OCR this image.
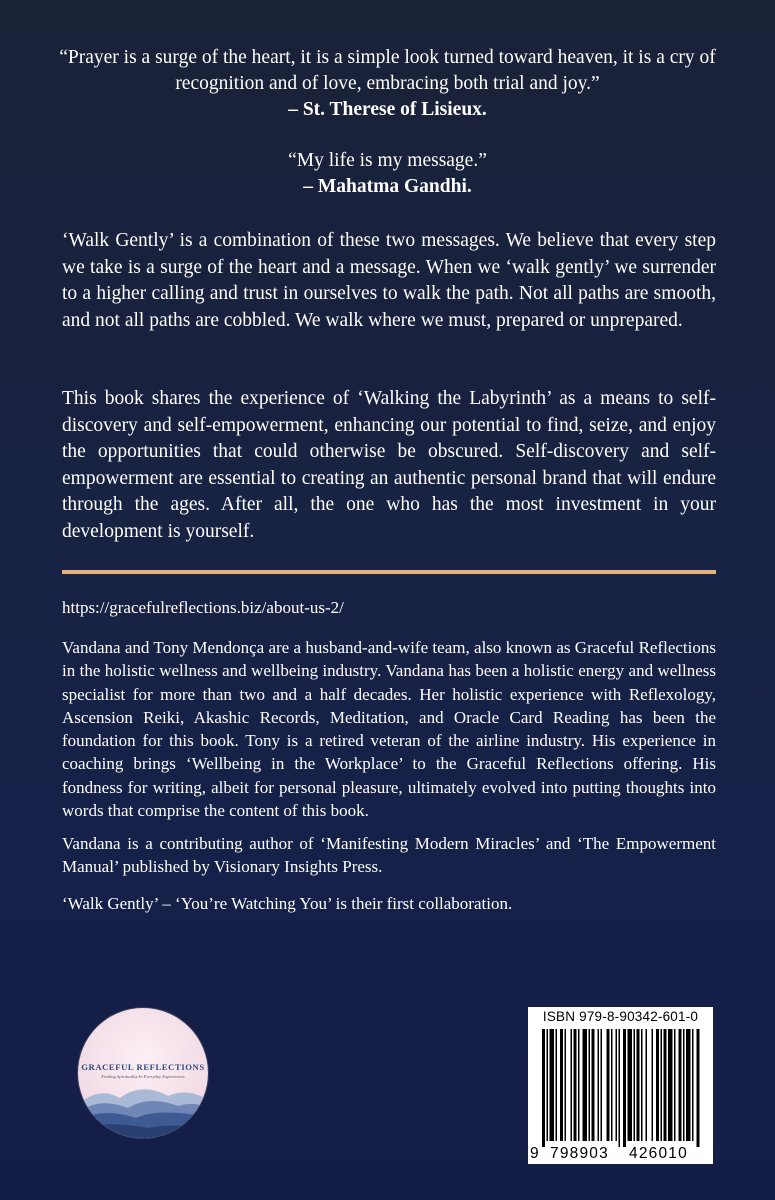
“Prayer is a surge of the heart, it is a simple look turned toward heaven, it is a cry of recognition and of love, embracing both trial and joy.”
– St. Therese of Lisieux.
“My life is my message.”
– Mahatma Gandhi.
‘Walk Gently’ is a combination of these two messages. We believe that every step we take is a surge of the heart and a message. When we ‘walk gently’ we surrender to a higher calling and trust in ourselves to walk the path. Not all paths are smooth, and not all paths are cobbled. We walk where we must, prepared or unprepared.
This book shares the experience of ‘Walking the Labyrinth’ as a means to self-discovery and self-empowerment, enhancing our potential to find, seize, and enjoy the opportunities that could otherwise be obscured. Self-discovery and self-empowerment are essential to creating an authentic personal brand that will endure through the ages. After all, the one who has the most investment in your development is yourself.
https://gracefulreflections.biz/about-us-2/
Vandana and Tony Mendonça are a husband-and-wife team, also known as Graceful Reflections in the holistic wellness and wellbeing industry. Vandana has been a holistic energy and wellness specialist for more than two and a half decades. Her holistic experience with Reflexology, Ascension Reiki, Akashic Records, Meditation, and Oracle Card Reading has been the foundation for this book. Tony is a retired veteran of the airline industry. His experience in coaching brings ‘Wellbeing in the Workplace’ to the Graceful Reflections offering. His fondness for writing, albeit for personal pleasure, ultimately evolved into putting thoughts into words that comprise the content of this book.
Vandana is a contributing author of ‘Manifesting Modern Miracles’ and ‘The Empowerment Manual’ published by Visionary Insights Press.
‘Walk Gently’ – ‘You’re Watching You’ is their first collaboration.
GRACEFUL REFLECTIONS
Finding Spirituality In Everyday Experiences
ISBN 979-8-90342-601-0
9 798903 426010
